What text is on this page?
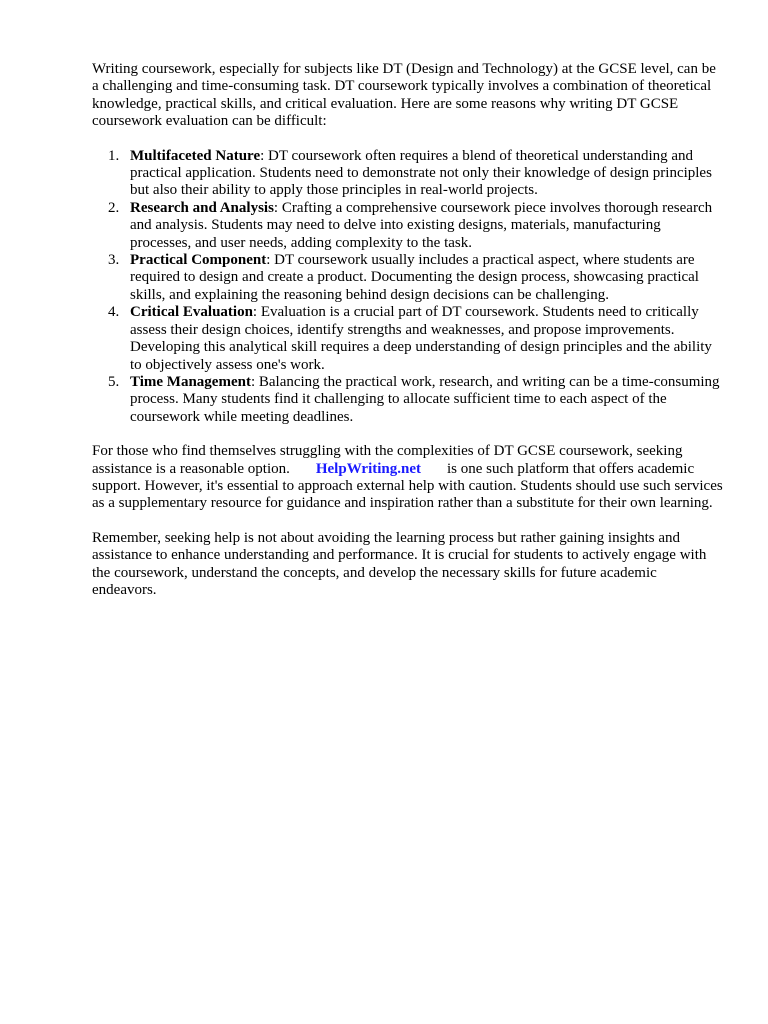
Writing coursework, especially for subjects like DT (Design and Technology) at the GCSE level, can be a challenging and time-consuming task. DT coursework typically involves a combination of theoretical knowledge, practical skills, and critical evaluation. Here are some reasons why writing DT GCSE coursework evaluation can be difficult:

1. Multifaceted Nature: DT coursework often requires a blend of theoretical understanding and practical application. Students need to demonstrate not only their knowledge of design principles but also their ability to apply those principles in real-world projects.
2. Research and Analysis: Crafting a comprehensive coursework piece involves thorough research and analysis. Students may need to delve into existing designs, materials, manufacturing processes, and user needs, adding complexity to the task.
3. Practical Component: DT coursework usually includes a practical aspect, where students are required to design and create a product. Documenting the design process, showcasing practical skills, and explaining the reasoning behind design decisions can be challenging.
4. Critical Evaluation: Evaluation is a crucial part of DT coursework. Students need to critically assess their design choices, identify strengths and weaknesses, and propose improvements. Developing this analytical skill requires a deep understanding of design principles and the ability to objectively assess one's work.
5. Time Management: Balancing the practical work, research, and writing can be a time-consuming process. Many students find it challenging to allocate sufficient time to each aspect of the coursework while meeting deadlines.

For those who find themselves struggling with the complexities of DT GCSE coursework, seeking assistance is a reasonable option. HelpWriting.net is one such platform that offers academic support. However, it's essential to approach external help with caution. Students should use such services as a supplementary resource for guidance and inspiration rather than a substitute for their own learning.

Remember, seeking help is not about avoiding the learning process but rather gaining insights and assistance to enhance understanding and performance. It is crucial for students to actively engage with the coursework, understand the concepts, and develop the necessary skills for future academic endeavors.
